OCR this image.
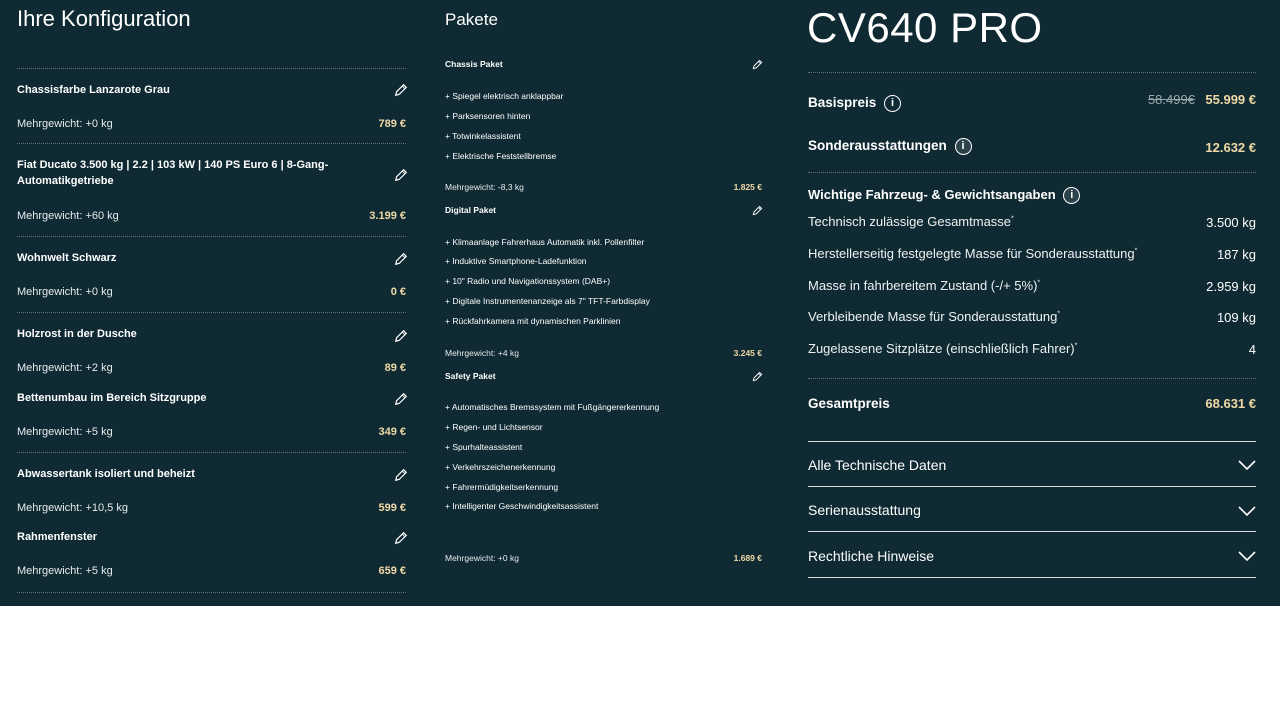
Ihre Konfiguration
Chassisfarbe Lanzarote Grau
Mehrgewicht: +0 kg	789 €
Fiat Ducato 3.500 kg | 2.2 | 103 kW | 140 PS Euro 6 | 8-Gang-
Automatikgetriebe
Mehrgewicht: +60 kg	3.199 €
Wohnwelt Schwarz
Mehrgewicht: +0 kg	0 €
Holzrost in der Dusche
Mehrgewicht: +2 kg	89 €
Bettenumbau im Bereich Sitzgruppe
Mehrgewicht: +5 kg	349 €
Abwassertank isoliert und beheizt
Mehrgewicht: +10,5 kg	599 €
Rahmenfenster
Mehrgewicht: +5 kg	659 €
Pakete
Chassis Paket
+ Spiegel elektrisch anklappbar
+ Parksensoren hinten
+ Totwinkelassistent
+ Elektrische Feststellbremse
Mehrgewicht: -8,3 kg	1.825 €
Digital Paket
+ Klimaanlage Fahrerhaus Automatik inkl. Pollenfilter
+ Induktive Smartphone-Ladefunktion
+ 10" Radio und Navigationssystem (DAB+)
+ Digitale Instrumentenanzeige als 7" TFT-Farbdisplay
+ Rückfahrkamera mit dynamischen Parklinien
Mehrgewicht: +4 kg	3.245 €
Safety Paket
+ Automatisches Bremssystem mit Fußgängererkennung
+ Regen- und Lichtsensor
+ Spurhalteassistent
+ Verkehrszeichenerkennung
+ Fahrermüdigkeitserkennung
+ Intelligenter Geschwindigkeitsassistent
Mehrgewicht: +0 kg	1.689 €
CV640 PRO
Basispreis i	58.499€ 55.999 €
Sonderausstattungen i	12.632 €
Wichtige Fahrzeug- & Gewichtsangaben i
Technisch zulässige Gesamtmasse*	3.500 kg
Herstellerseitig festgelegte Masse für Sonderausstattung*	187 kg
Masse in fahrbereitem Zustand (-/+ 5%)*	2.959 kg
Verbleibende Masse für Sonderausstattung*	109 kg
Zugelassene Sitzplätze (einschließlich Fahrer)*	4
Gesamtpreis	68.631 €
Alle Technische Daten
Serienausstattung
Rechtliche Hinweise
